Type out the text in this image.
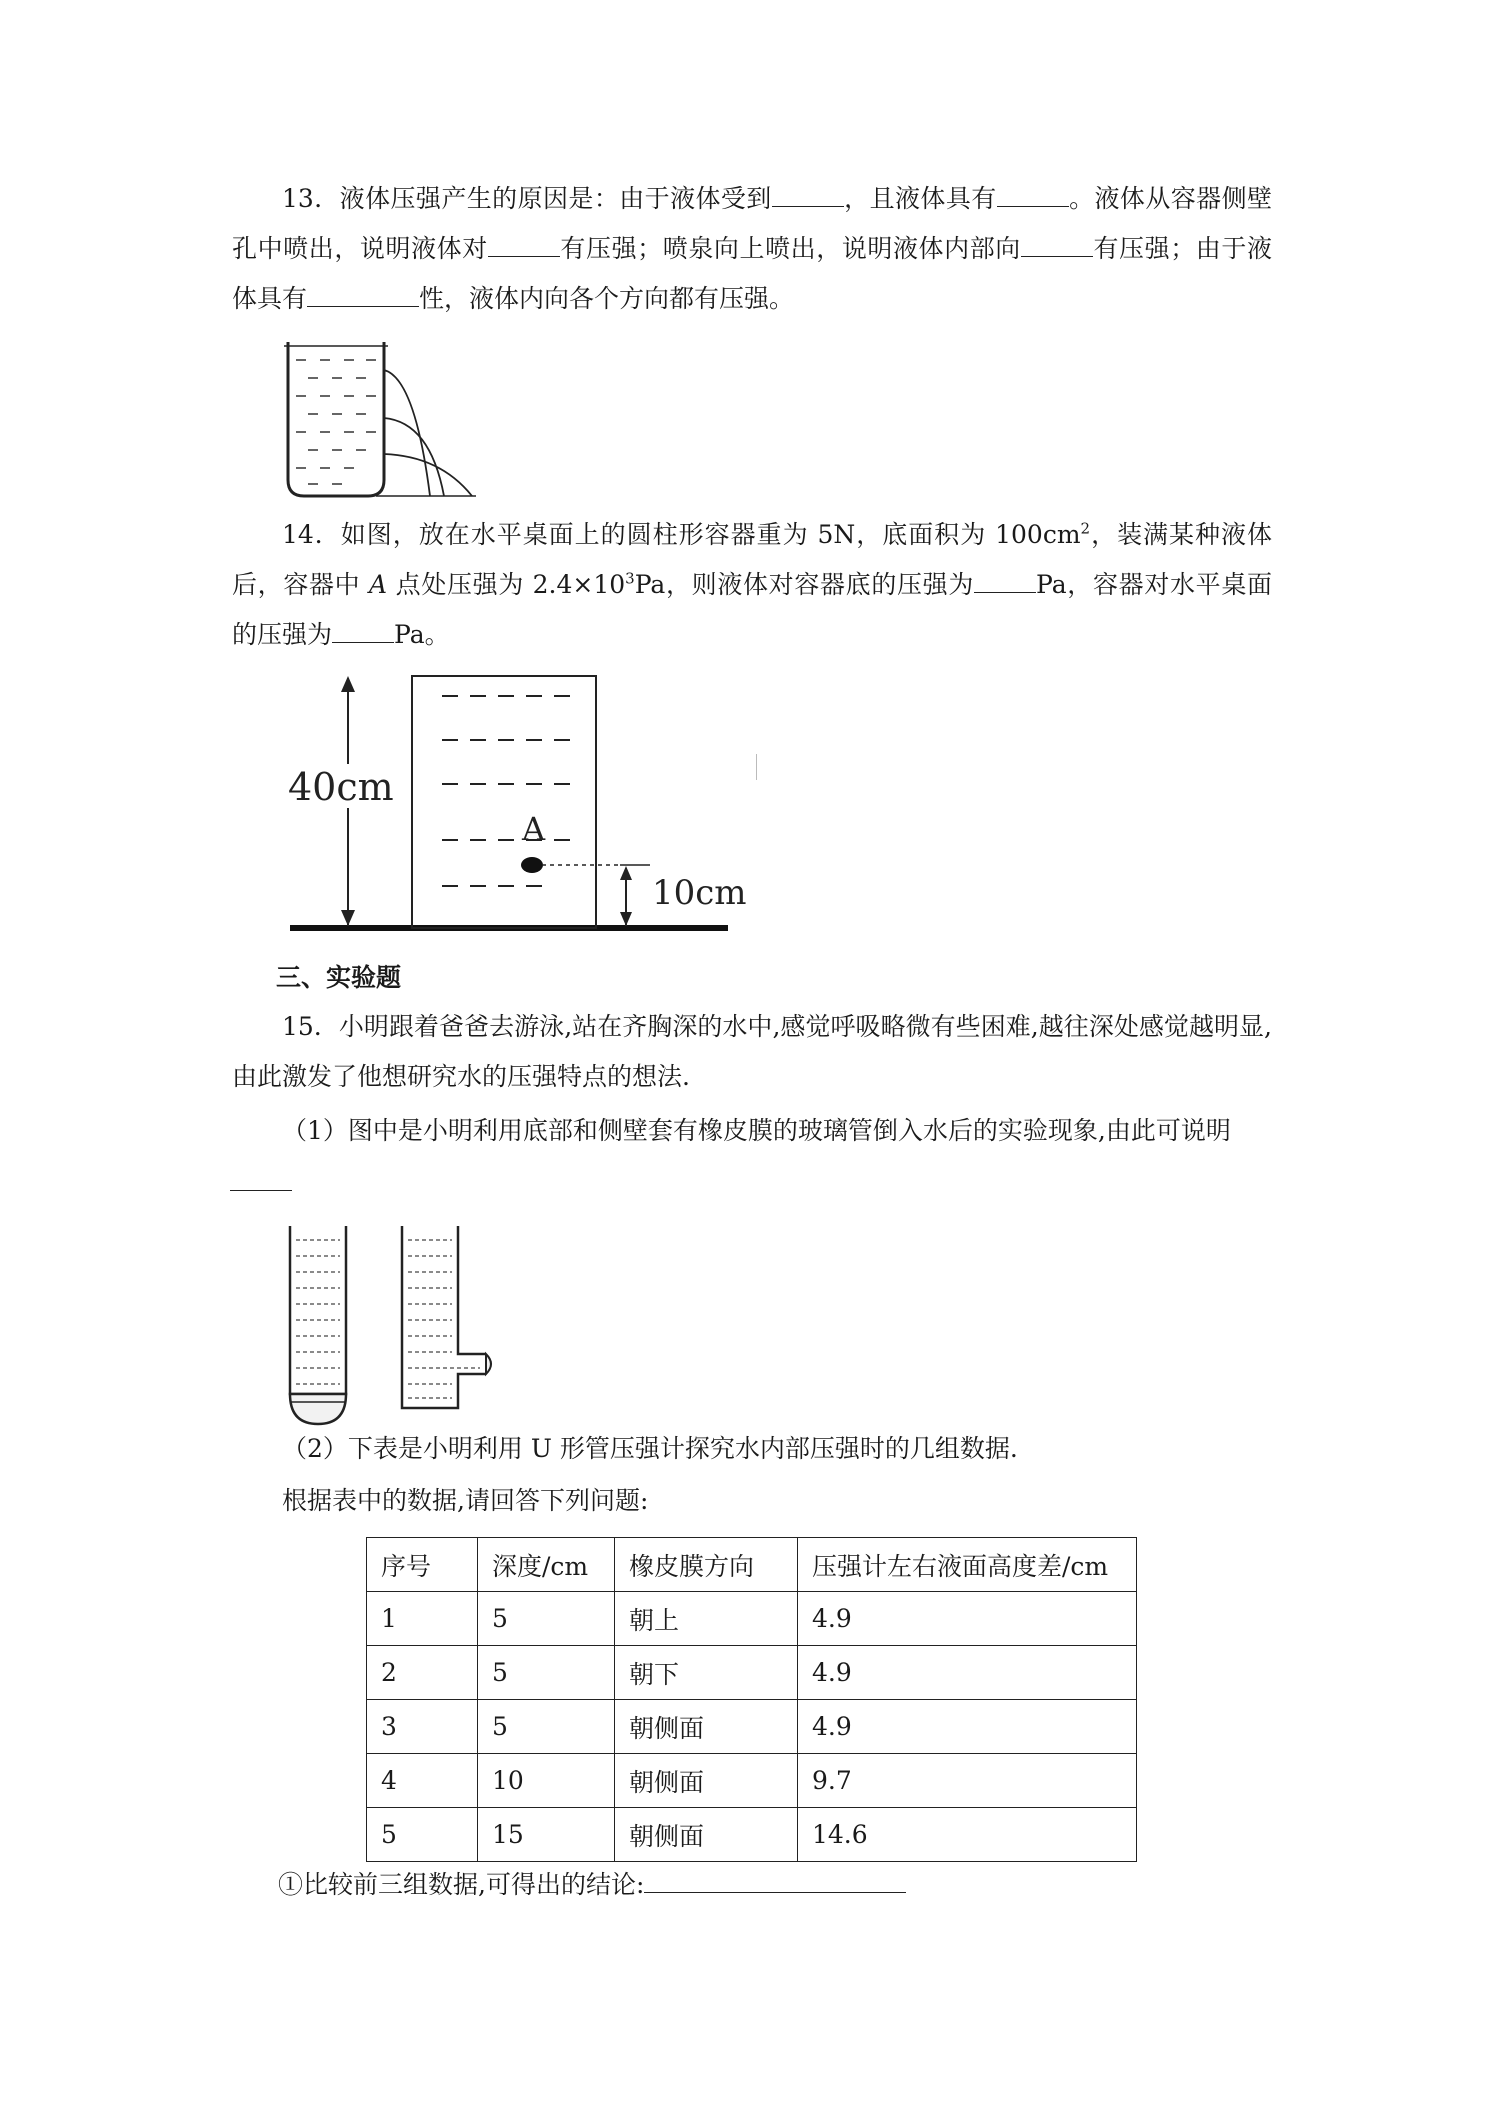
13．液体压强产生的原因是：由于液体受到	，且液体具有	。液体从容器侧壁孔中喷出，说明液体对	有压强；喷泉向上喷出，说明液体内部向	有压强；由于液体具有	性，液体内向各个方向都有压强。
14．如图，放在水平桌面上的圆柱形容器重为 5N，底面积为 $100cm^2$，装满某种液体后，容器中 A 点处压强为 $2.4\times 10^3Pa$，则液体对容器底的压强为 Pa，容器对水平桌面的压强为 Pa。
40cm
A
10cm
三、实验题
15．小明跟着爸爸去游泳,站在齐胸深的水中,感觉呼吸略微有些困难,越往深处感觉越明显,由此激发了他想研究水的压强特点的想法.
（1）图中是小明利用底部和侧壁套有橡皮膜的玻璃管倒入水后的实验现象,由此可说明
（2）下表是小明利用 U 形管压强计探究水内部压强时的几组数据.
根据表中的数据,请回答下列问题:
序号	深度/cm	橡皮膜方向	压强计左右液面高度差/cm
1	5	朝上	4.9
2	5	朝下	4.9
3	5	朝侧面	4.9
4	10	朝侧面	9.7
5	15	朝侧面	14.6
①比较前三组数据,可得出的结论:
